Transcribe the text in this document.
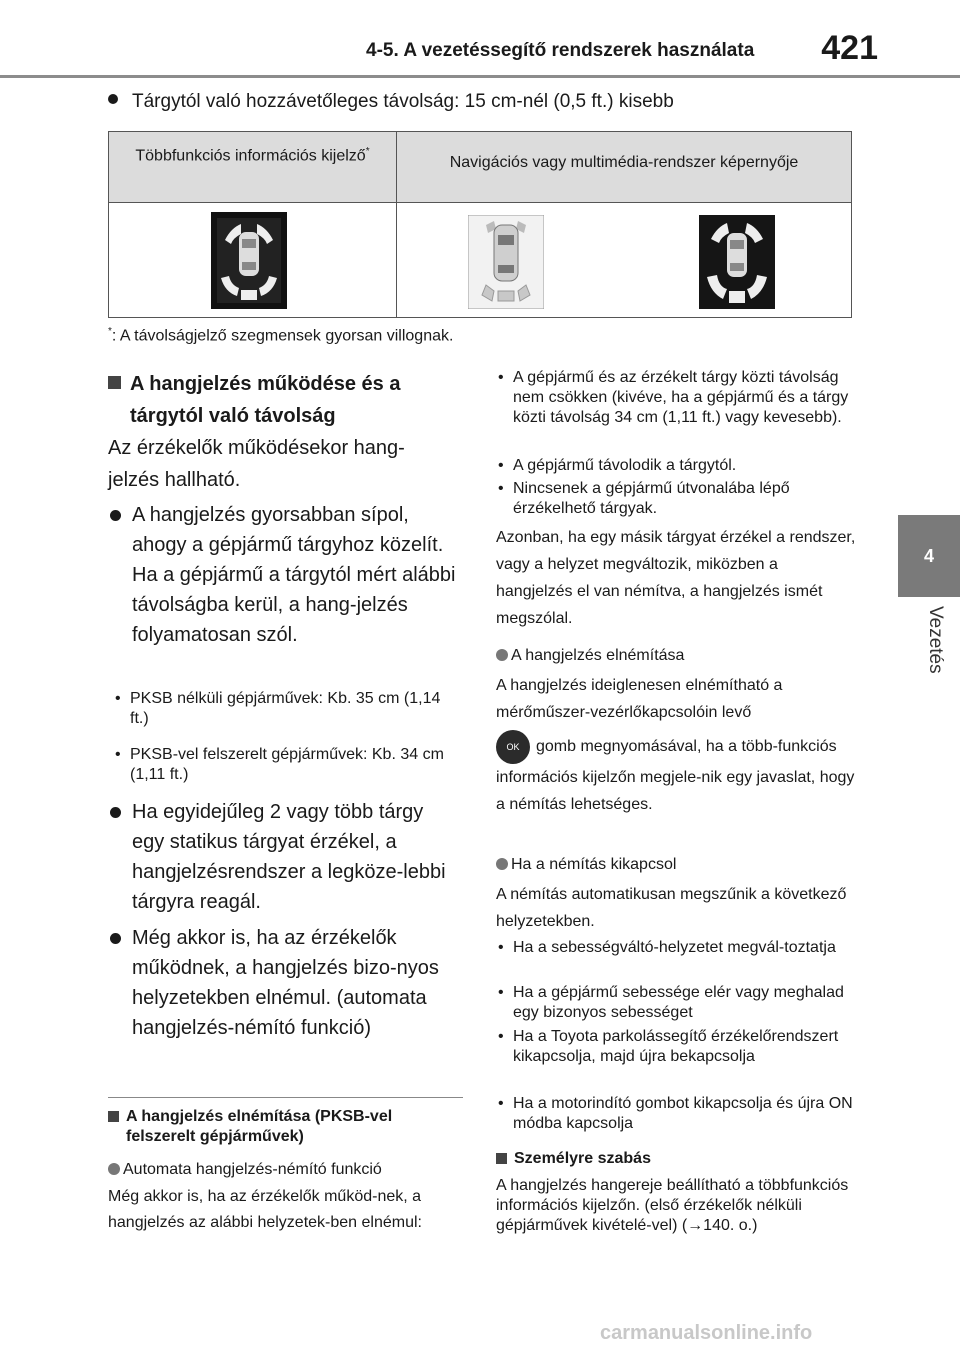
4-5. A vezetéssegítő rendszerek használata 421
4
Vezetés
Tárgytól való hozzávetőleges távolság: 15 cm-nél (0,5 ft.) kisebb
Többfunkciós információs kijelző*
Navigációs vagy multimédia-rendszer képernyője
*: A távolságjelző szegmensek gyorsan villognak.
A hangjelzés működése és a tárgytól való távolság
Az érzékelők működésekor hang-jelzés hallható.
A hangjelzés gyorsabban sípol, ahogy a gépjármű tárgyhoz közelít.
Ha a gépjármű a tárgytól mért alábbi távolságba kerül, a hang-jelzés folyamatosan szól.
• PKSB nélküli gépjárművek: Kb. 35 cm (1,14 ft.)
• PKSB-vel felszerelt gépjárművek: Kb. 34 cm (1,11 ft.)
Ha egyidejűleg 2 vagy több tárgy egy statikus tárgyat érzékel, a hangjelzésrendszer a legköze-lebbi tárgyra reagál.
Még akkor is, ha az érzékelők működnek, a hangjelzés bizo-nyos helyzetekben elnémul. (automata hangjelzés-némító funkció)
A hangjelzés elnémítása (PKSB-vel felszerelt gépjárművek)
Automata hangjelzés-némító funkció
Még akkor is, ha az érzékelők működ-nek, a hangjelzés az alábbi helyzetek-ben elnémul:
• A gépjármű és az érzékelt tárgy közti távolság nem csökken (kivéve, ha a gépjármű és a tárgy közti távolság 34 cm (1,11 ft.) vagy kevesebb).
• A gépjármű távolodik a tárgytól.
• Nincsenek a gépjármű útvonalába lépő érzékelhető tárgyak.
Azonban, ha egy másik tárgyat érzékel a rendszer, vagy a helyzet megváltozik, miközben a hangjelzés el van némítva, a hangjelzés ismét megszólal.
A hangjelzés elnémítása
A hangjelzés ideiglenesen elnémítható a mérőműszer-vezérlőkapcsolóin levő
OK gomb megnyomásával, ha a több-funkciós információs kijelzőn megjele-nik egy javaslat, hogy a némítás lehetséges.
Ha a némítás kikapcsol
A némítás automatikusan megszűnik a következő helyzetekben.
• Ha a sebességváltó-helyzetet megvál-toztatja
• Ha a gépjármű sebessége elér vagy meghalad egy bizonyos sebességet
• Ha a Toyota parkolássegítő érzékelőrendszert kikapcsolja, majd újra bekapcsolja
• Ha a motorindító gombot kikapcsolja és újra ON módba kapcsolja
Személyre szabás
A hangjelzés hangereje beállítható a többfunkciós információs kijelzőn. (első érzékelők nélküli gépjárművek kivételé-vel) (→140. o.)
carmanualsonline.info
